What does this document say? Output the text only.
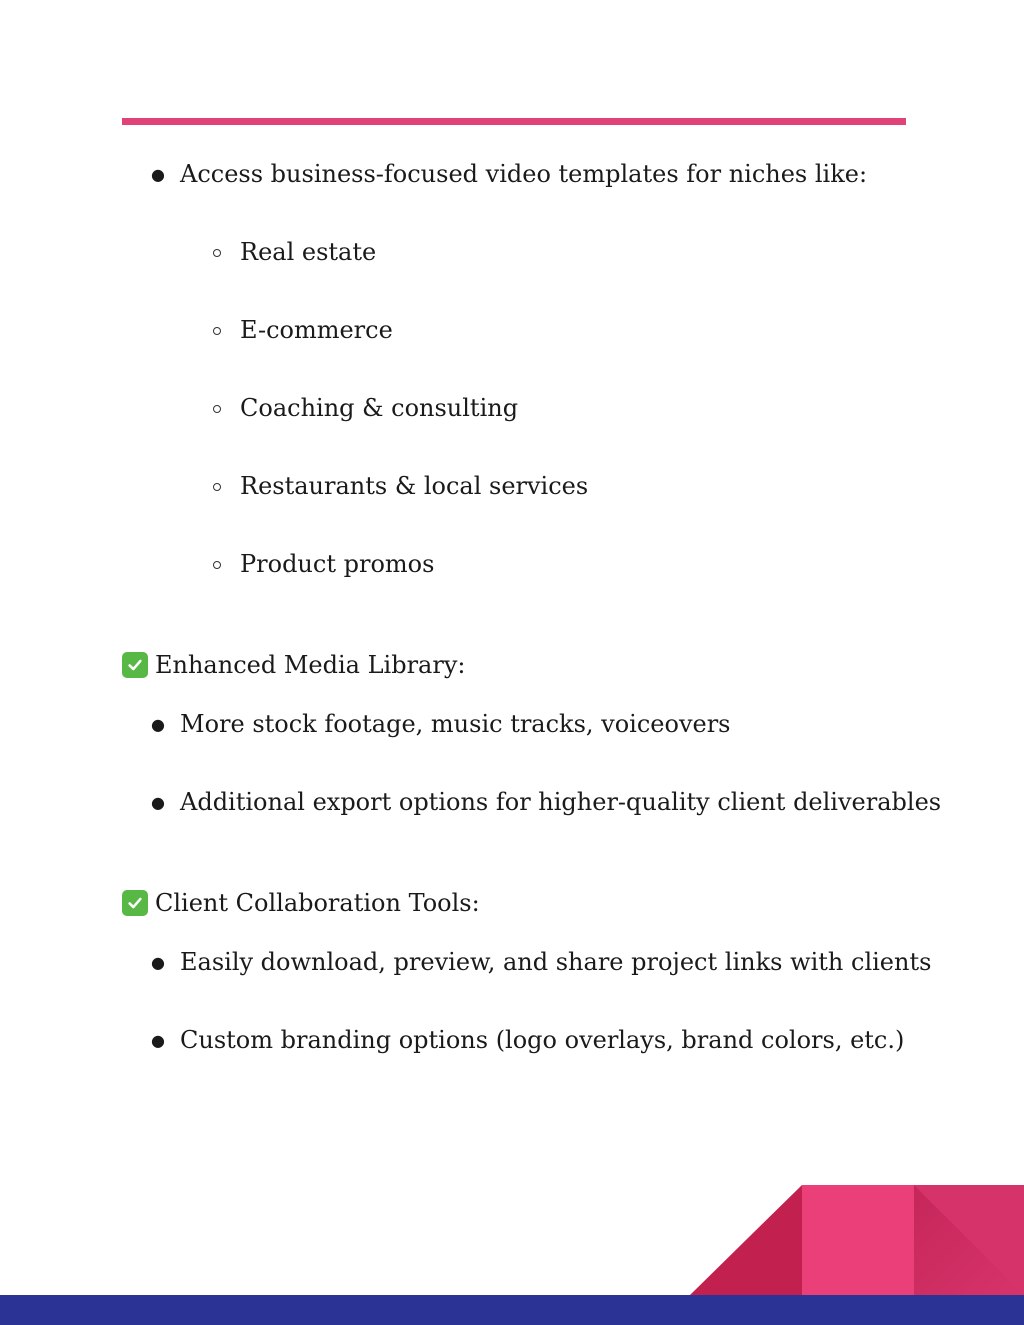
● Access business-focused video templates for niches like:
Real estate
E-commerce
Coaching & consulting
Restaurants & local services
Product promos
Enhanced Media Library:
● More stock footage, music tracks, voiceovers
● Additional export options for higher-quality client deliverables
Client Collaboration Tools:
● Easily download, preview, and share project links with clients
● Custom branding options (logo overlays, brand colors, etc.)
